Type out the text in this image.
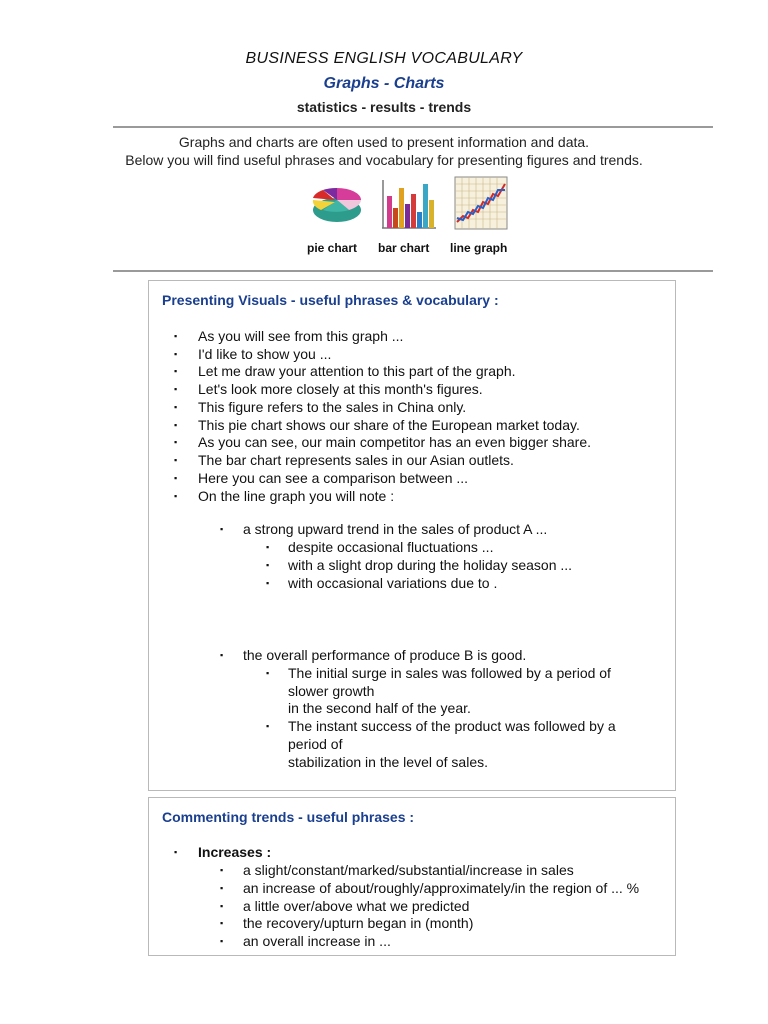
BUSINESS ENGLISH VOCABULARY
Graphs - Charts
statistics - results - trends
Graphs and charts are often used to present information and data.
Below you will find useful phrases and vocabulary for presenting figures and trends.
pie chart bar chart line graph
Presenting Visuals - useful phrases & vocabulary :
▪ As you will see from this graph ...
▪ I'd like to show you ...
▪ Let me draw your attention to this part of the graph.
▪ Let's look more closely at this month's figures.
▪ This figure refers to the sales in China only.
▪ This pie chart shows our share of the European market today.
▪ As you can see, our main competitor has an even bigger share.
▪ The bar chart represents sales in our Asian outlets.
▪ Here you can see a comparison between ...
▪ On the line graph you will note :
▪ a strong upward trend in the sales of product A ...
▪ despite occasional fluctuations ...
▪ with a slight drop during the holiday season ...
▪ with occasional variations due to .
▪ the overall performance of produce B is good.
▪ The initial surge in sales was followed by a period of
slower growth
in the second half of the year.
▪ The instant success of the product was followed by a
period of
stabilization in the level of sales.
Commenting trends - useful phrases :
▪ Increases :
▪ a slight/constant/marked/substantial/increase in sales
▪ an increase of about/roughly/approximately/in the region of ... %
▪ a little over/above what we predicted
▪ the recovery/upturn began in (month)
▪ an overall increase in ...
